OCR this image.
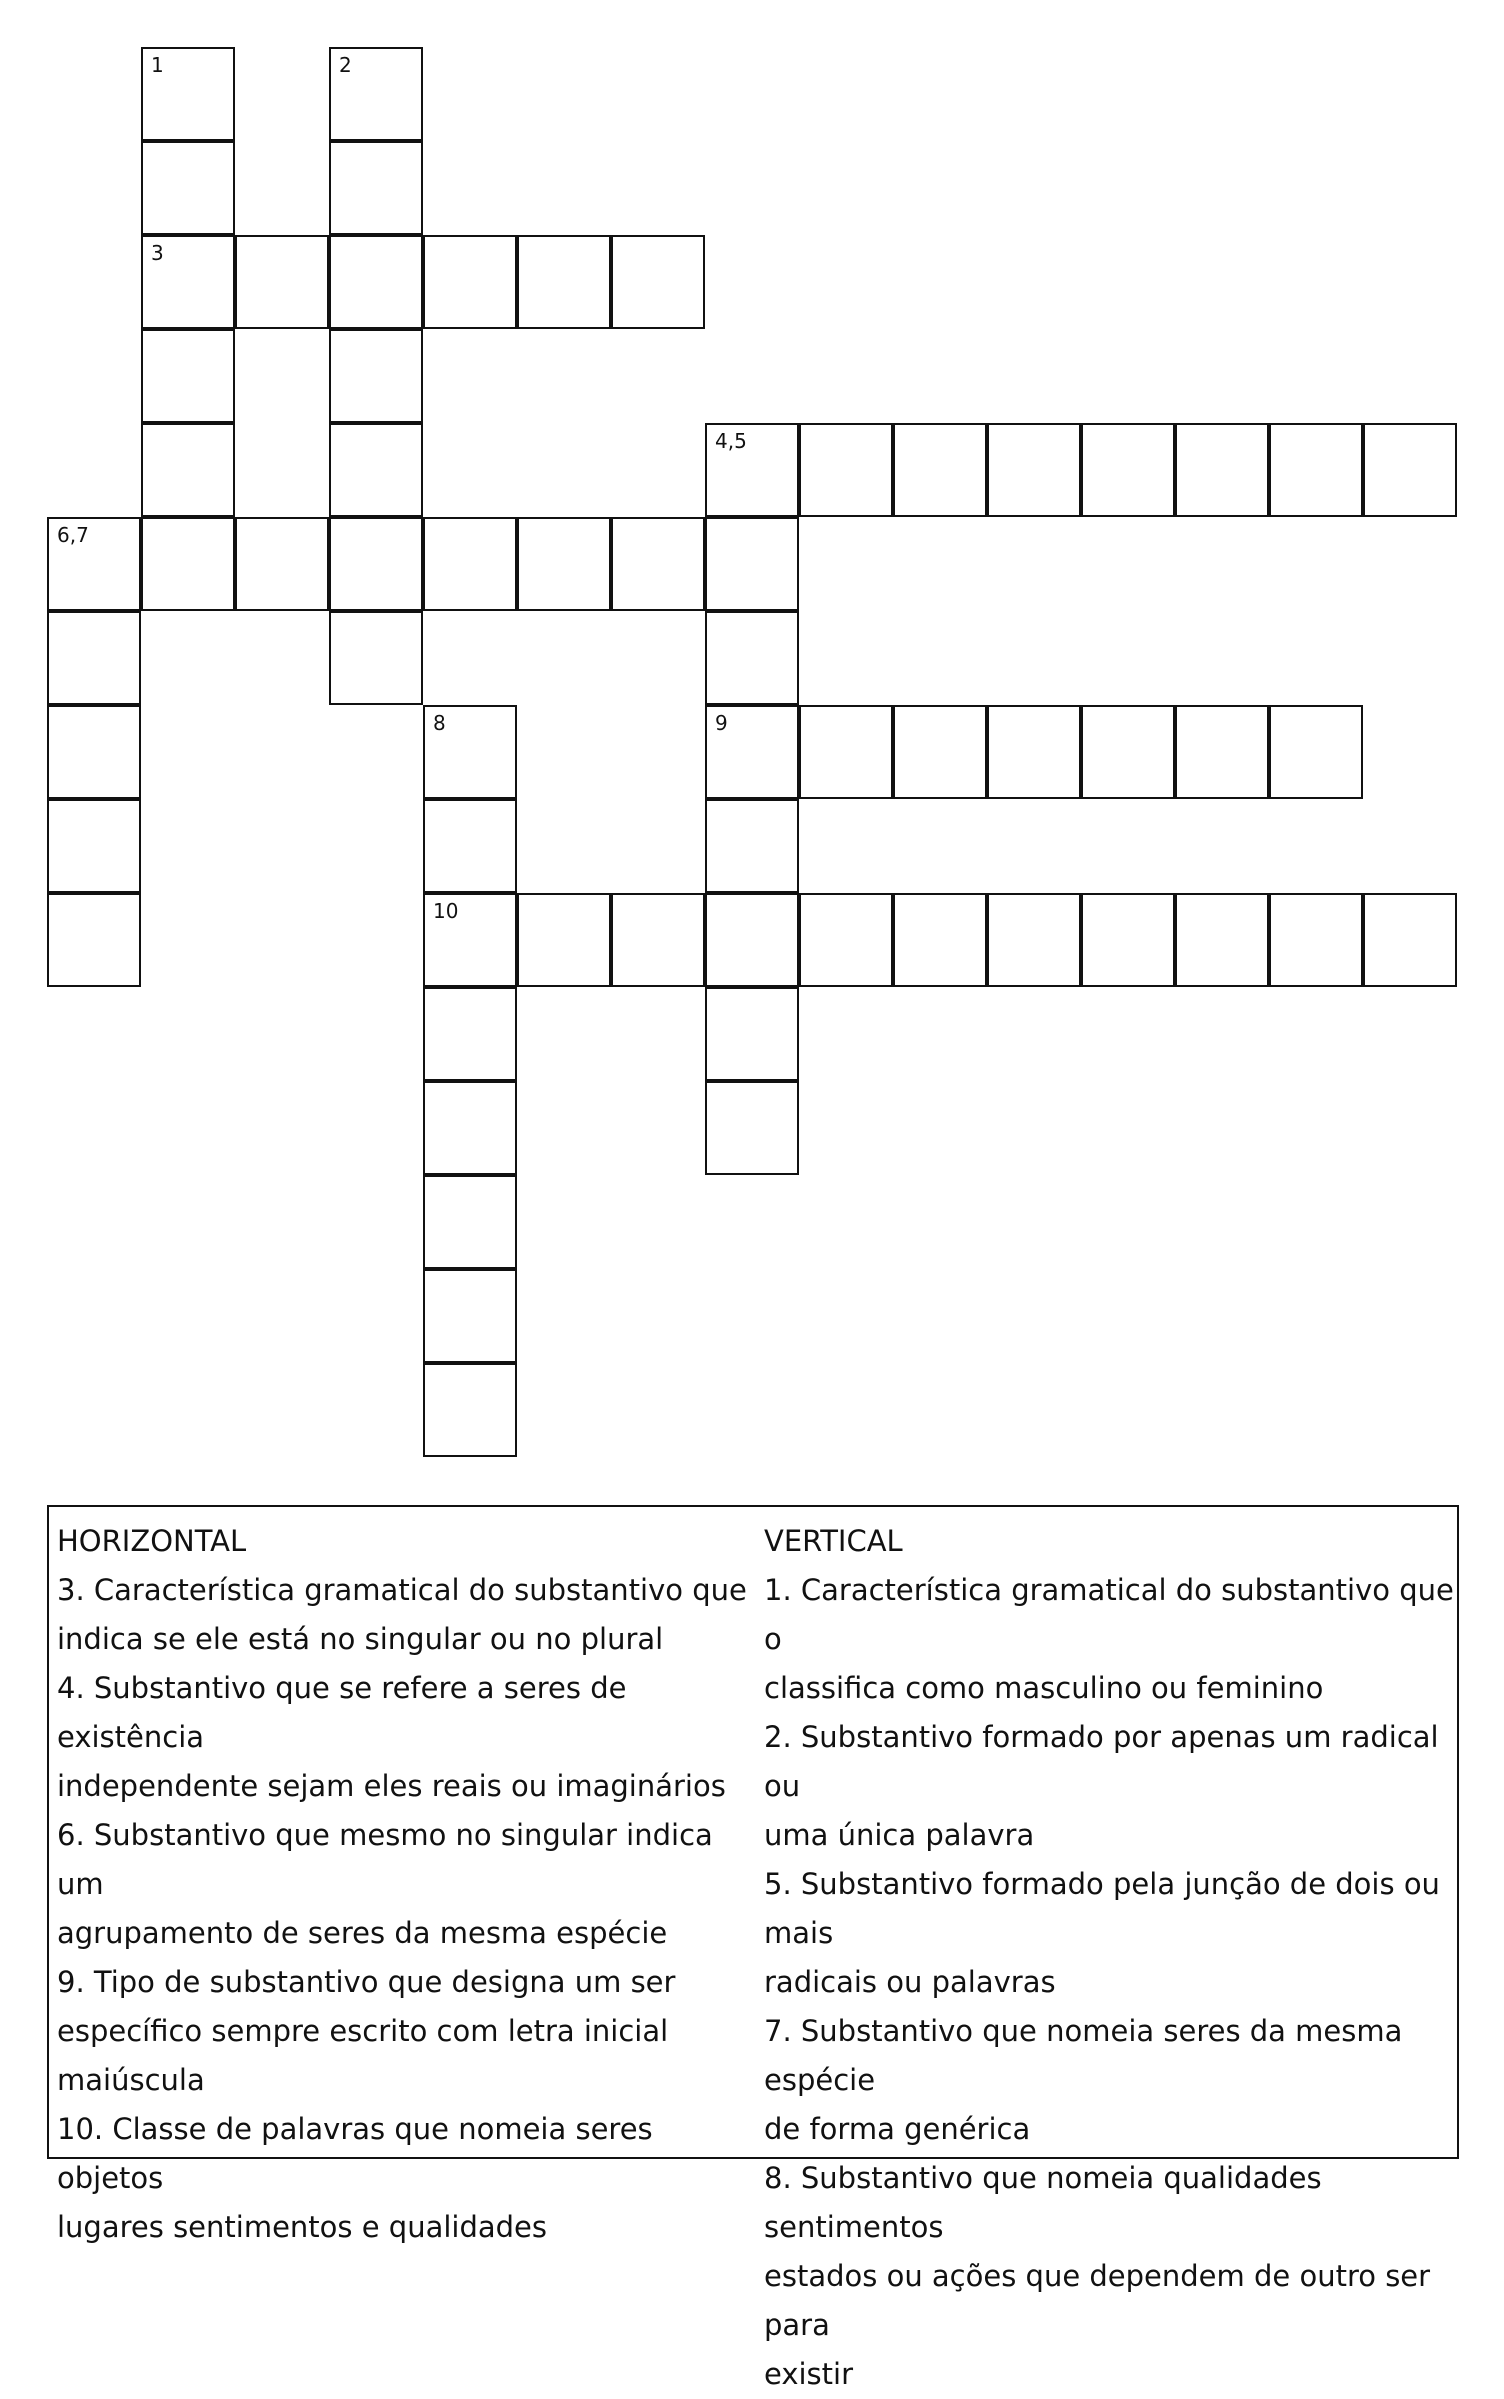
1
3
2
4,5
6,7
9
8
10

HORIZONTAL

3. Característica gramatical do substantivo que

indica se ele está no singular ou no plural

4. Substantivo que se refere a seres de existência

independente sejam eles reais ou imaginários

6. Substantivo que mesmo no singular indica um

agrupamento de seres da mesma espécie

9. Tipo de substantivo que designa um ser

específico sempre escrito com letra inicial

maiúscula

10. Classe de palavras que nomeia seres objetos

lugares sentimentos e qualidades

VERTICAL

1. Característica gramatical do substantivo que o

classifica como masculino ou feminino

2. Substantivo formado por apenas um radical ou

uma única palavra

5. Substantivo formado pela junção de dois ou mais

radicais ou palavras

7. Substantivo que nomeia seres da mesma espécie

de forma genérica

8. Substantivo que nomeia qualidades sentimentos

estados ou ações que dependem de outro ser para

existir
